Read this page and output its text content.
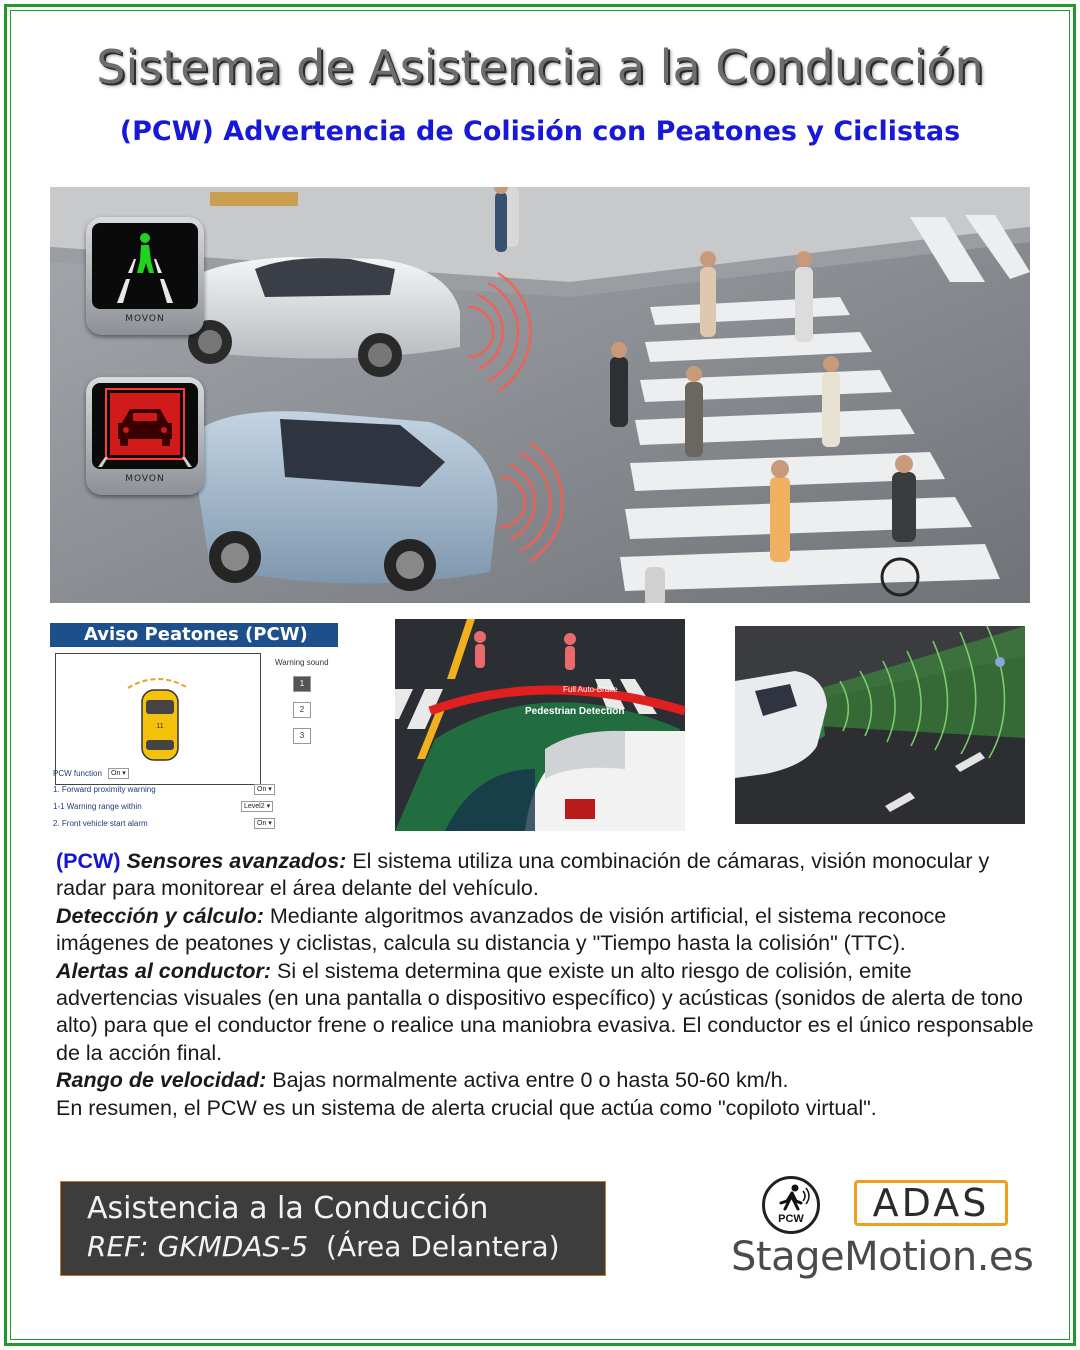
Sistema de Asistencia a la Conducción
(PCW) Advertencia de Colisión con Peatones y Ciclistas
MOVON
MOVON
Aviso Peatones (PCW)
11
Warning sound
1
2
3
PCW function	On ▾
1. Forward proximity warning	On ▾
1-1 Warning range within	Level2 ▾
2. Front vehicle start alarm	On ▾
Full Auto-Brake
Pedestrian Detection
(PCW) Sensores avanzados: El sistema utiliza una combinación de cámaras, visión monocular y radar para monitorear el área delante del vehículo.
Detección y cálculo: Mediante algoritmos avanzados de visión artificial, el sistema reconoce imágenes de peatones y ciclistas, calcula su distancia y "Tiempo hasta la colisión" (TTC).
Alertas al conductor: Si el sistema determina que existe un alto riesgo de colisión, emite advertencias visuales (en una pantalla o dispositivo específico) y acústicas (sonidos de alerta de tono alto) para que el conductor frene o realice una maniobra evasiva. El conductor es el único responsable de la acción final.
Rango de velocidad: Bajas normalmente activa entre 0 o hasta 50-60 km/h.
En resumen, el PCW es un sistema de alerta crucial que actúa como "copiloto virtual".
Asistencia a la Conducción
REF: GKMDAS-5 (Área Delantera)
PCW	ADAS
StageMotion.es
